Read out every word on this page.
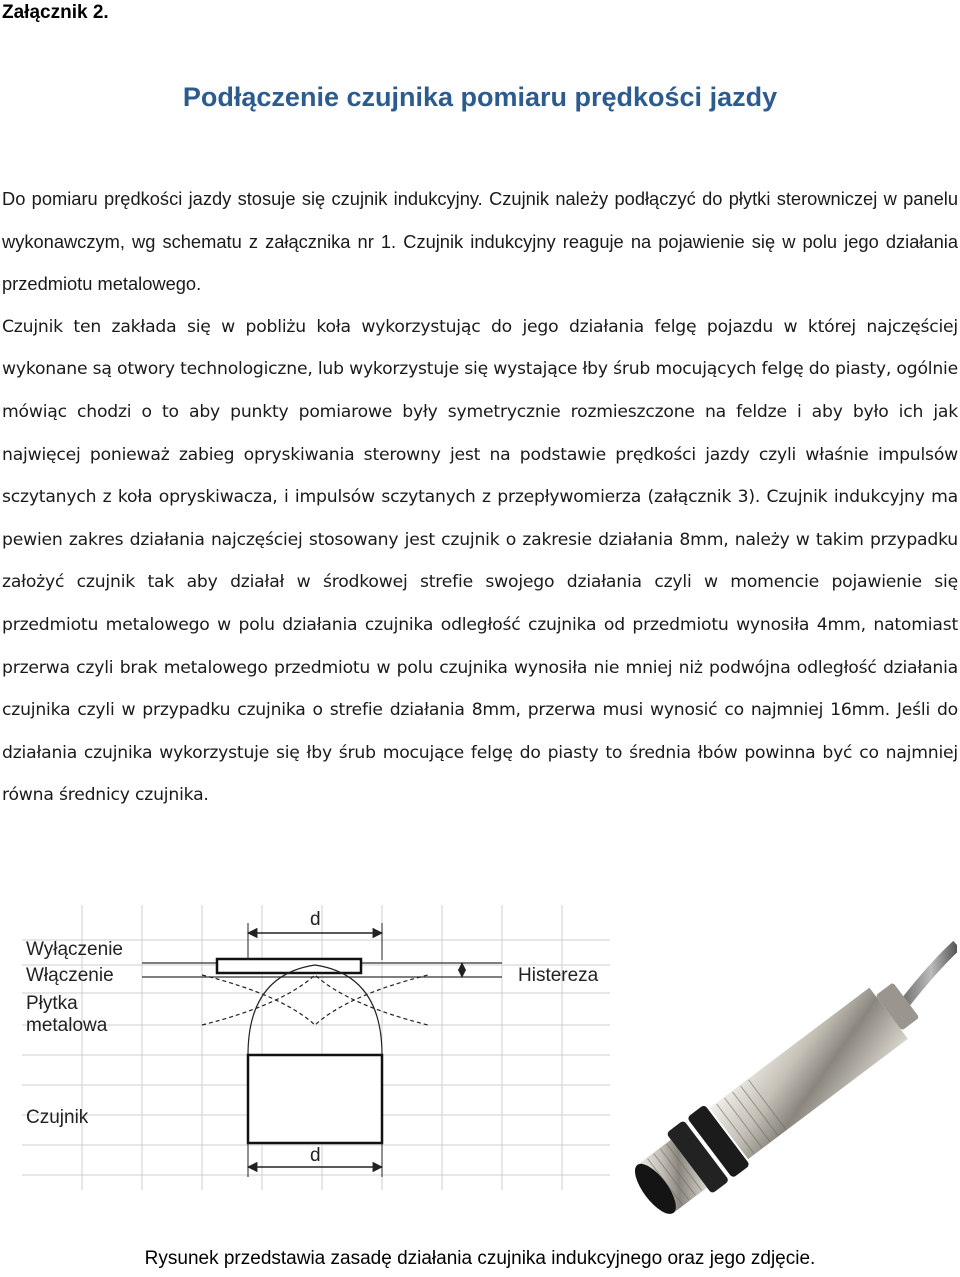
Załącznik 2.
Podłączenie czujnika pomiaru prędkości jazdy

Do pomiaru prędkości jazdy stosuje się czujnik indukcyjny. Czujnik należy podłączyć do płytki sterowniczej w panelu wykonawczym, wg schematu z załącznika nr 1. Czujnik indukcyjny reaguje na pojawienie się w polu jego działania przedmiotu metalowego.

Czujnik ten zakłada się w pobliżu koła wykorzystując do jego działania felgę pojazdu w której najczęściej wykonane są otwory technologiczne, lub wykorzystuje się wystające łby śrub mocujących felgę do piasty, ogólnie mówiąc chodzi o to aby punkty pomiarowe były symetrycznie rozmieszczone na feldze i aby było ich jak najwięcej ponieważ zabieg opryskiwania sterowny jest na podstawie prędkości jazdy czyli właśnie impulsów sczytanych z koła opryskiwacza, i impulsów sczytanych z przepływomierza (załącznik 3). Czujnik indukcyjny ma pewien zakres działania najczęściej stosowany jest czujnik o zakresie działania 8mm, należy w takim przypadku założyć czujnik tak aby działał w środkowej strefie swojego działania czyli w momencie pojawienie się przedmiotu metalowego w polu działania czujnika odległość czujnika od przedmiotu wynosiła 4mm, natomiast przerwa czyli brak metalowego przedmiotu w polu czujnika wynosiła nie mniej niż podwójna odległość działania czujnika czyli w przypadku czujnika o strefie działania 8mm, przerwa musi wynosić co najmniej 16mm. Jeśli do działania czujnika wykorzystuje się łby śrub mocujące felgę do piasty to średnia łbów powinna być co najmniej równa średnicy czujnika.

Wyłączenie
Włączenie
Płytka
metalowa
Czujnik
Histereza
d
d
Rysunek przedstawia zasadę działania czujnika indukcyjnego oraz jego zdjęcie.
